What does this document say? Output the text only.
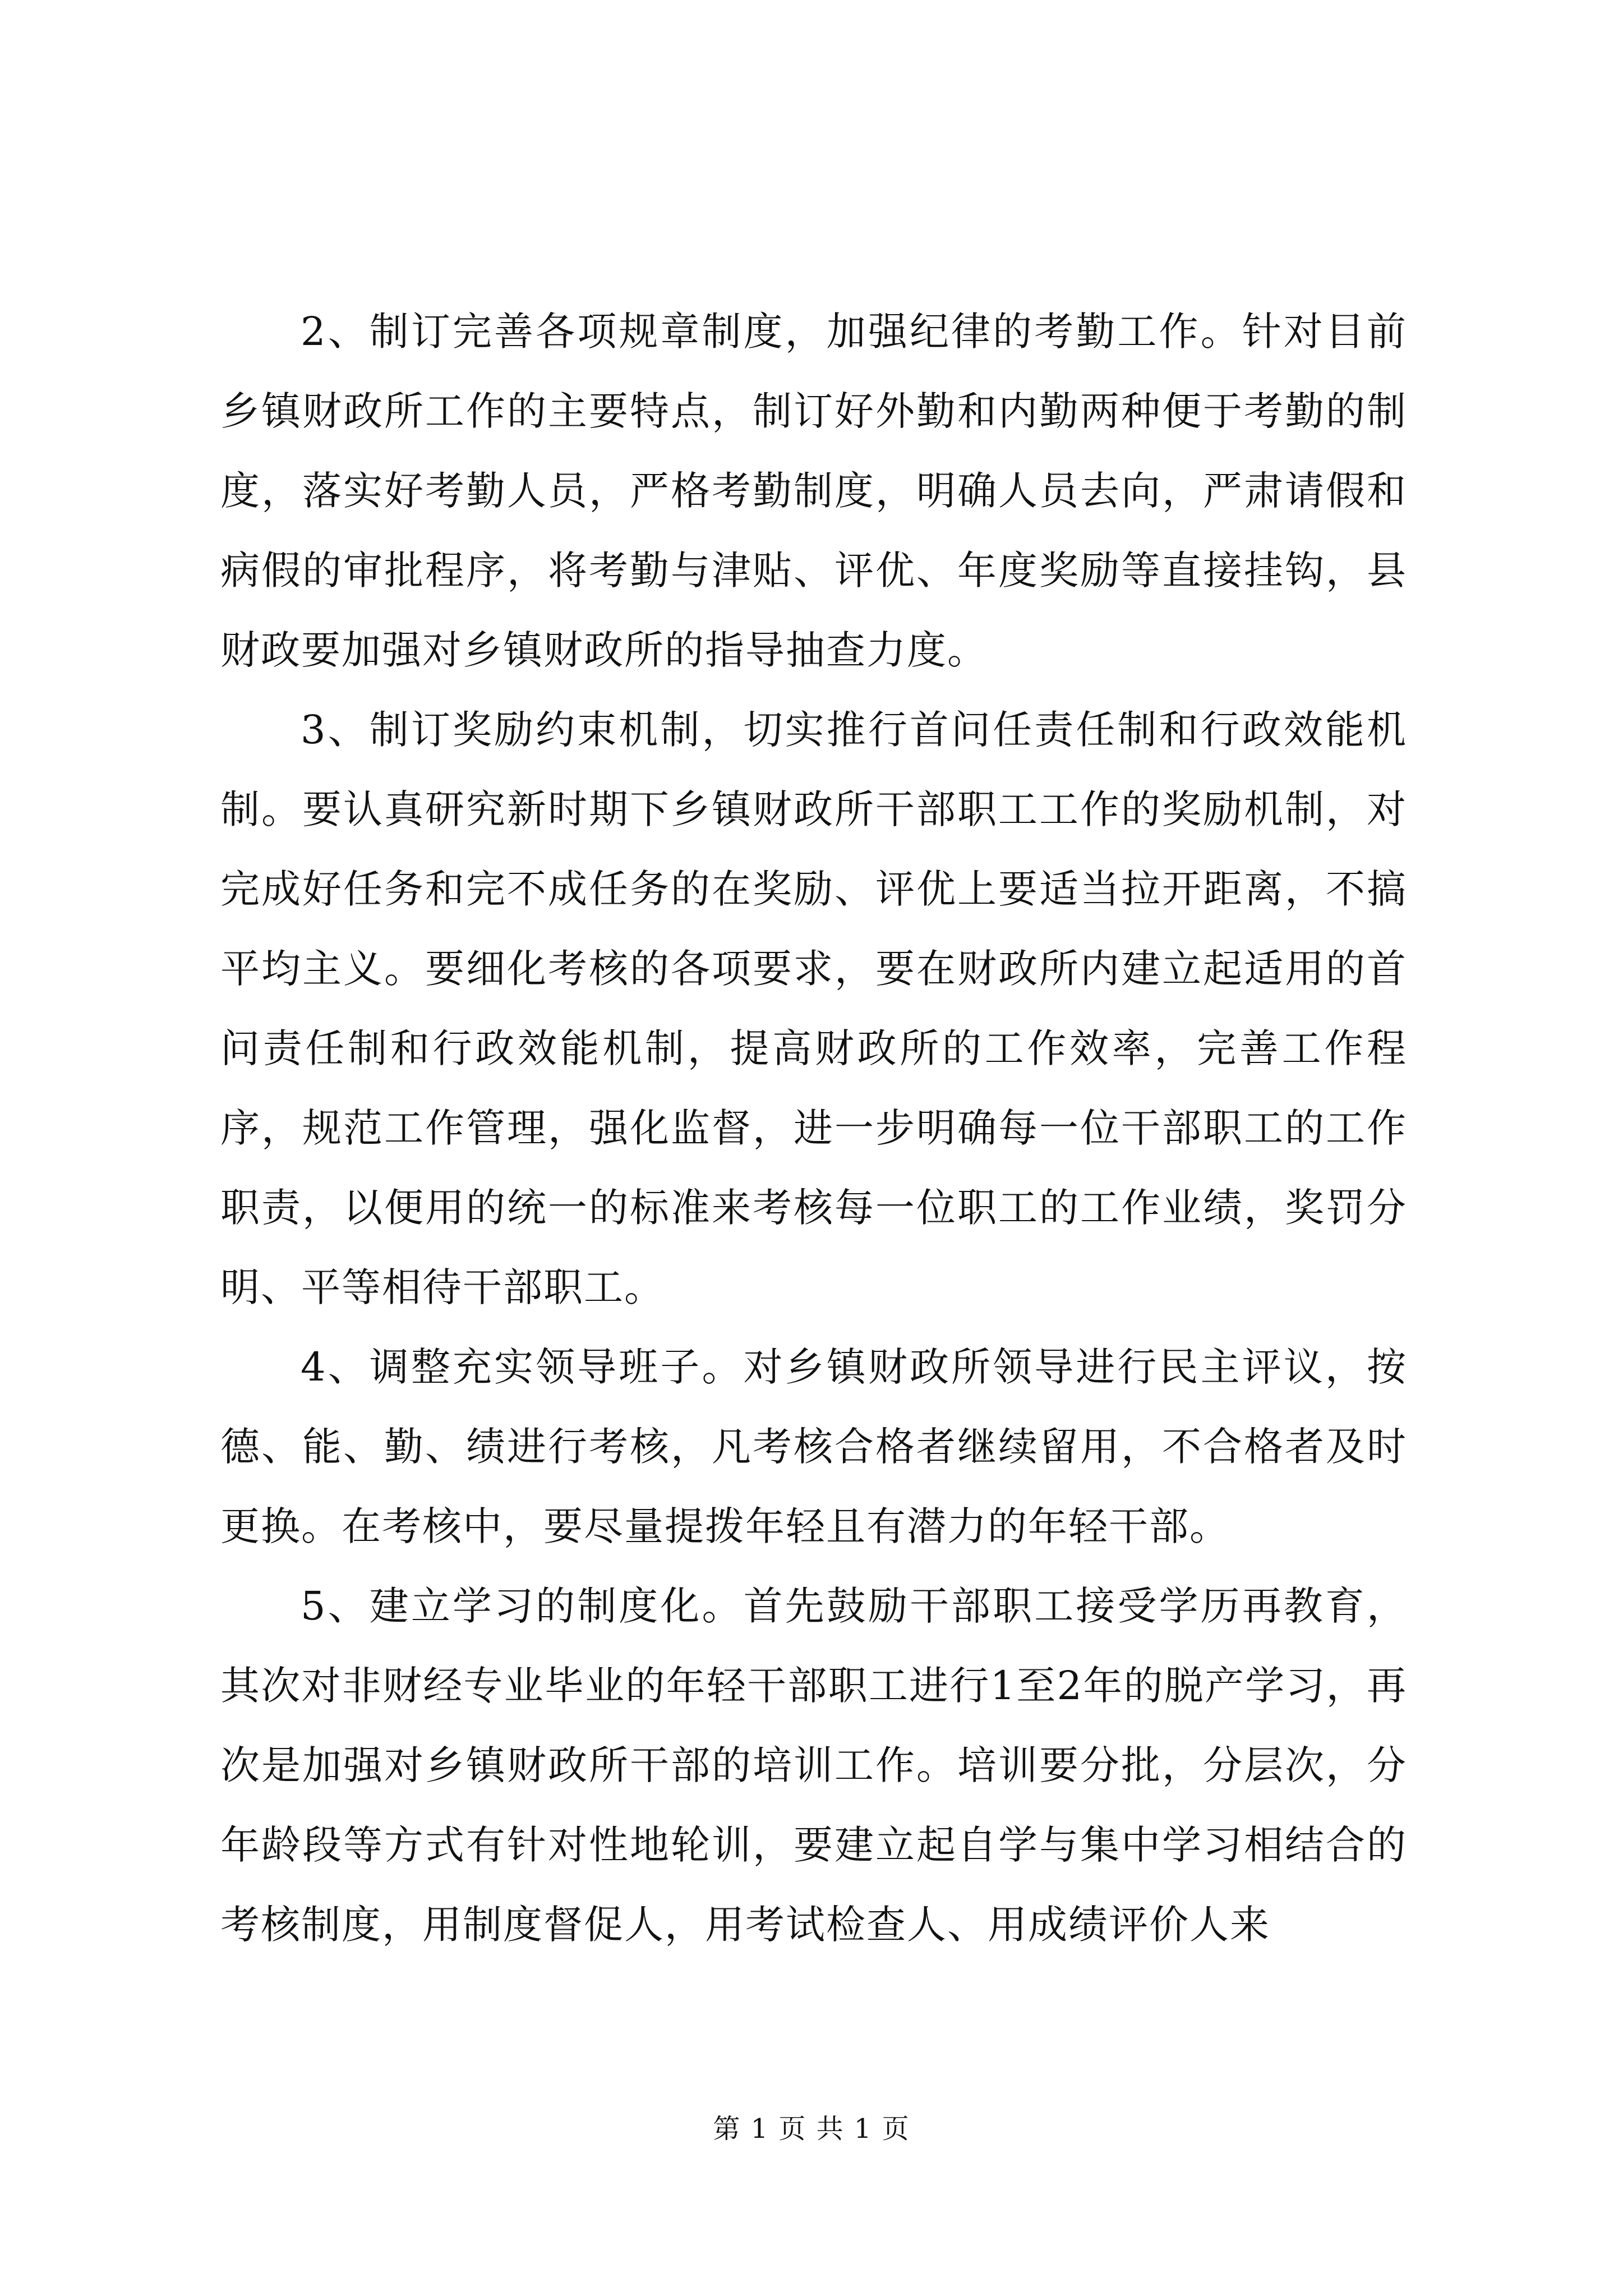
2、制订完善各项规章制度，加强纪律的考勤工作。针对目前乡镇财政所工作的主要特点，制订好外勤和内勤两种便于考勤的制度，落实好考勤人员，严格考勤制度，明确人员去向，严肃请假和病假的审批程序，将考勤与津贴、评优、年度奖励等直接挂钩，县财政要加强对乡镇财政所的指导抽查力度。

3、制订奖励约束机制，切实推行首问任责任制和行政效能机制。要认真研究新时期下乡镇财政所干部职工工作的奖励机制，对完成好任务和完不成任务的在奖励、评优上要适当拉开距离，不搞平均主义。要细化考核的各项要求，要在财政所内建立起适用的首问责任制和行政效能机制，提高财政所的工作效率，完善工作程序，规范工作管理，强化监督，进一步明确每一位干部职工的工作职责，以便用的统一的标准来考核每一位职工的工作业绩，奖罚分明、平等相待干部职工。

4、调整充实领导班子。对乡镇财政所领导进行民主评议，按德、能、勤、绩进行考核，凡考核合格者继续留用，不合格者及时更换。在考核中，要尽量提拨年轻且有潜力的年轻干部。

5、建立学习的制度化。首先鼓励干部职工接受学历再教育，其次对非财经专业毕业的年轻干部职工进行1至2年的脱产学习，再次是加强对乡镇财政所干部的培训工作。培训要分批，分层次，分年龄段等方式有针对性地轮训，要建立起自学与集中学习相结合的考核制度，用制度督促人，用考试检查人、用成绩评价人来

第 1 页 共 1 页
